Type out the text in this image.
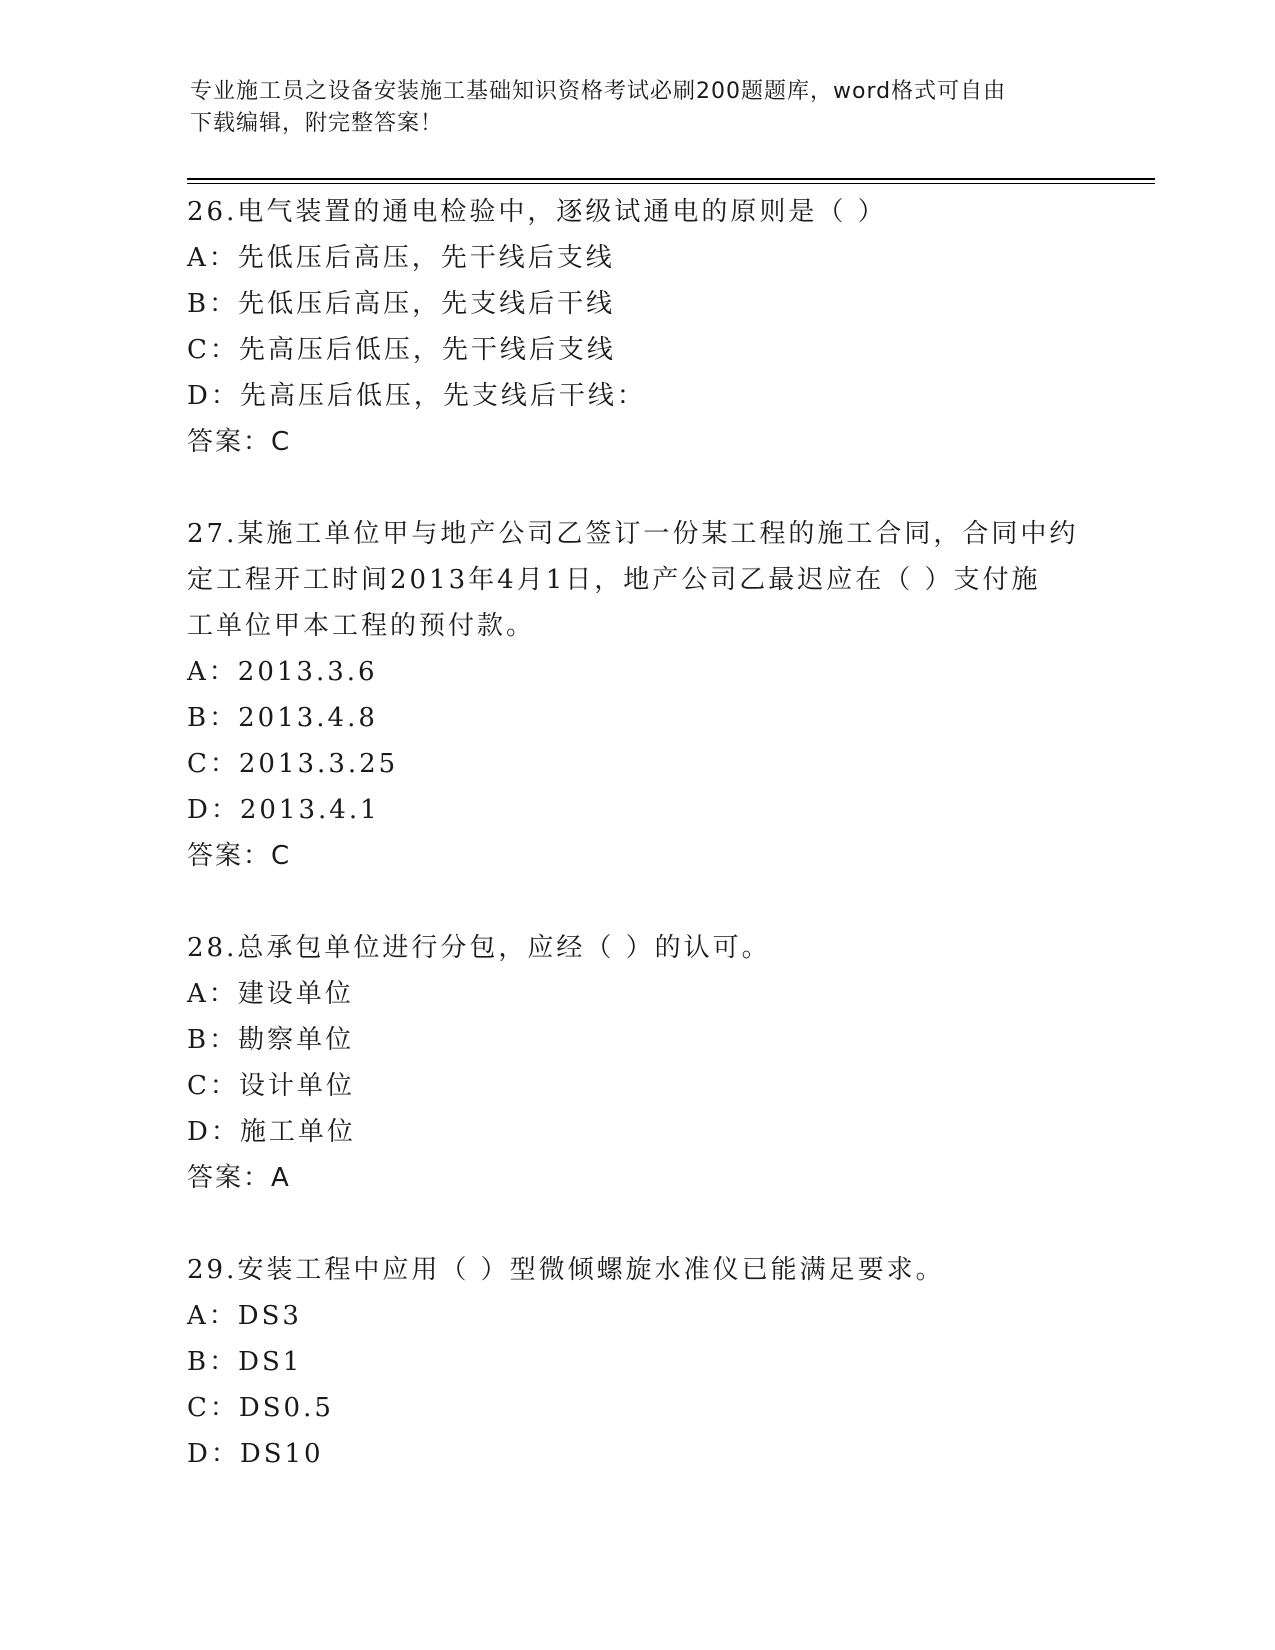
专业施工员之设备安装施工基础知识资格考试必刷200题题库，word格式可自由
下载编辑，附完整答案！
26.电气装置的通电检验中，逐级试通电的原则是（ ）
A：先低压后高压，先干线后支线
B：先低压后高压，先支线后干线
C：先高压后低压，先干线后支线
D：先高压后低压，先支线后干线：
答案：C
27.某施工单位甲与地产公司乙签订一份某工程的施工合同，合同中约
定工程开工时间2013年4月1日，地产公司乙最迟应在（ ）支付施
工单位甲本工程的预付款。
A：2013.3.6
B：2013.4.8
C：2013.3.25
D：2013.4.1
答案：C
28.总承包单位进行分包，应经（ ）的认可。
A：建设单位
B：勘察单位
C：设计单位
D：施工单位
答案：A
29.安装工程中应用（ ）型微倾螺旋水准仪已能满足要求。
A：DS3
B：DS1
C：DS0.5
D：DS10
